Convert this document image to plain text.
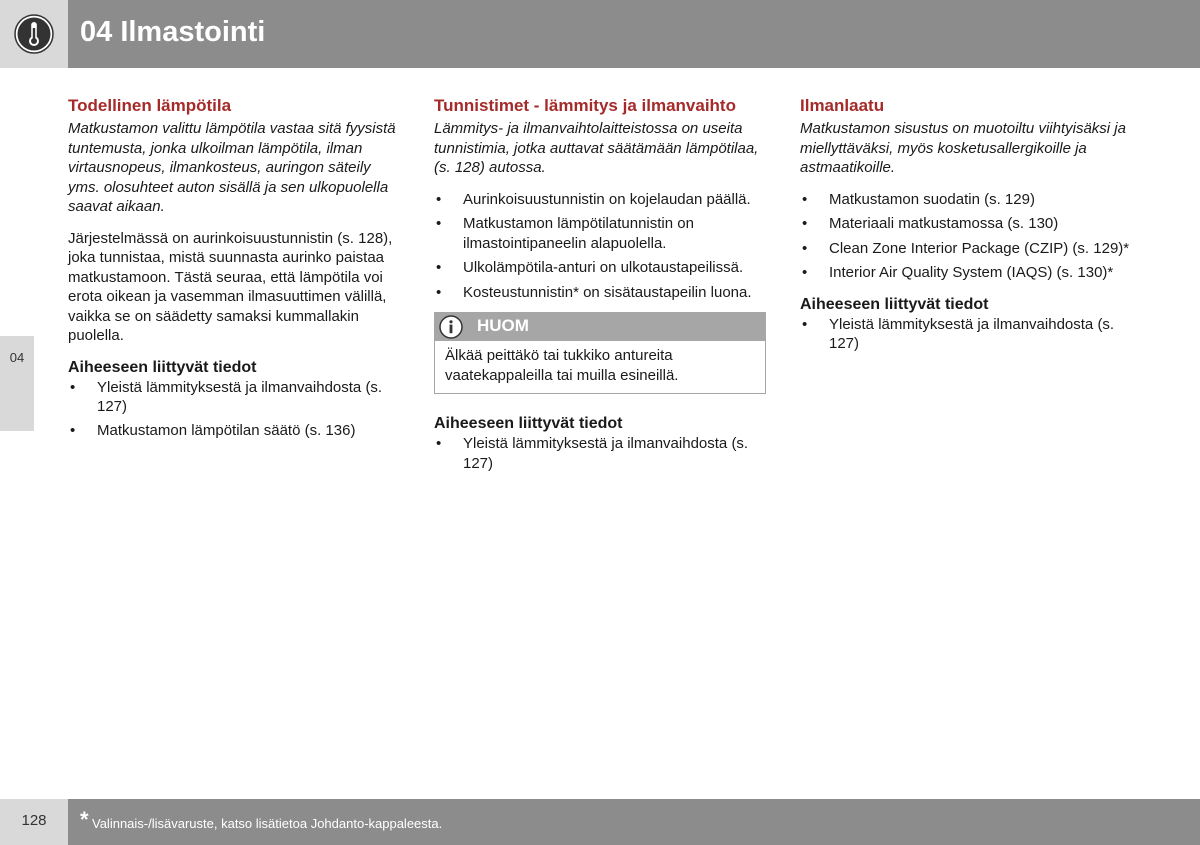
04 Ilmastointi
04
Todellinen lämpötila

Matkustamon valittu lämpötila vastaa sitä fyysistä tuntemusta, jonka ulkoilman lämpötila, ilman virtausnopeus, ilmankosteus, auringon säteily yms. olosuhteet auton sisällä ja sen ulkopuolella saavat aikaan.

Järjestelmässä on aurinkoisuustunnistin (s. 128), joka tunnistaa, mistä suunnasta aurinko paistaa matkustamoon. Tästä seuraa, että lämpötila voi erota oikean ja vasemman ilmasuuttimen välillä, vaikka se on säädetty samaksi kummallakin puolella.

Aiheeseen liittyvät tiedot
• Yleistä lämmityksestä ja ilmanvaihdosta (s. 127)
• Matkustamon lämpötilan säätö (s. 136)
Tunnistimet - lämmitys ja ilmanvaihto

Lämmitys- ja ilmanvaihtolaitteistossa on useita tunnistimia, jotka auttavat säätämään lämpötilaa, (s. 128) autossa.

• Aurinkoisuustunnistin on kojelaudan päällä.
• Matkustamon lämpötilatunnistin on ilmastointipaneelin alapuolella.
• Ulkolämpötila-anturi on ulkotaustapeilissä.
• Kosteustunnistin* on sisätaustapeilin luona.
HUOM
Älkää peittäkö tai tukkiko antureita vaatekappaleilla tai muilla esineillä.
Aiheeseen liittyvät tiedot
• Yleistä lämmityksestä ja ilmanvaihdosta (s. 127)
Ilmanlaatu

Matkustamon sisustus on muotoiltu viihtyisäksi ja miellyttäväksi, myös kosketusallergikoille ja astmaatikoille.

• Matkustamon suodatin (s. 129)
• Materiaali matkustamossa (s. 130)
• Clean Zone Interior Package (CZIP) (s. 129)*
• Interior Air Quality System (IAQS) (s. 130)*
Aiheeseen liittyvät tiedot
• Yleistä lämmityksestä ja ilmanvaihdosta (s. 127)
128	* Valinnais-/lisävaruste, katso lisätietoa Johdanto-kappaleesta.
